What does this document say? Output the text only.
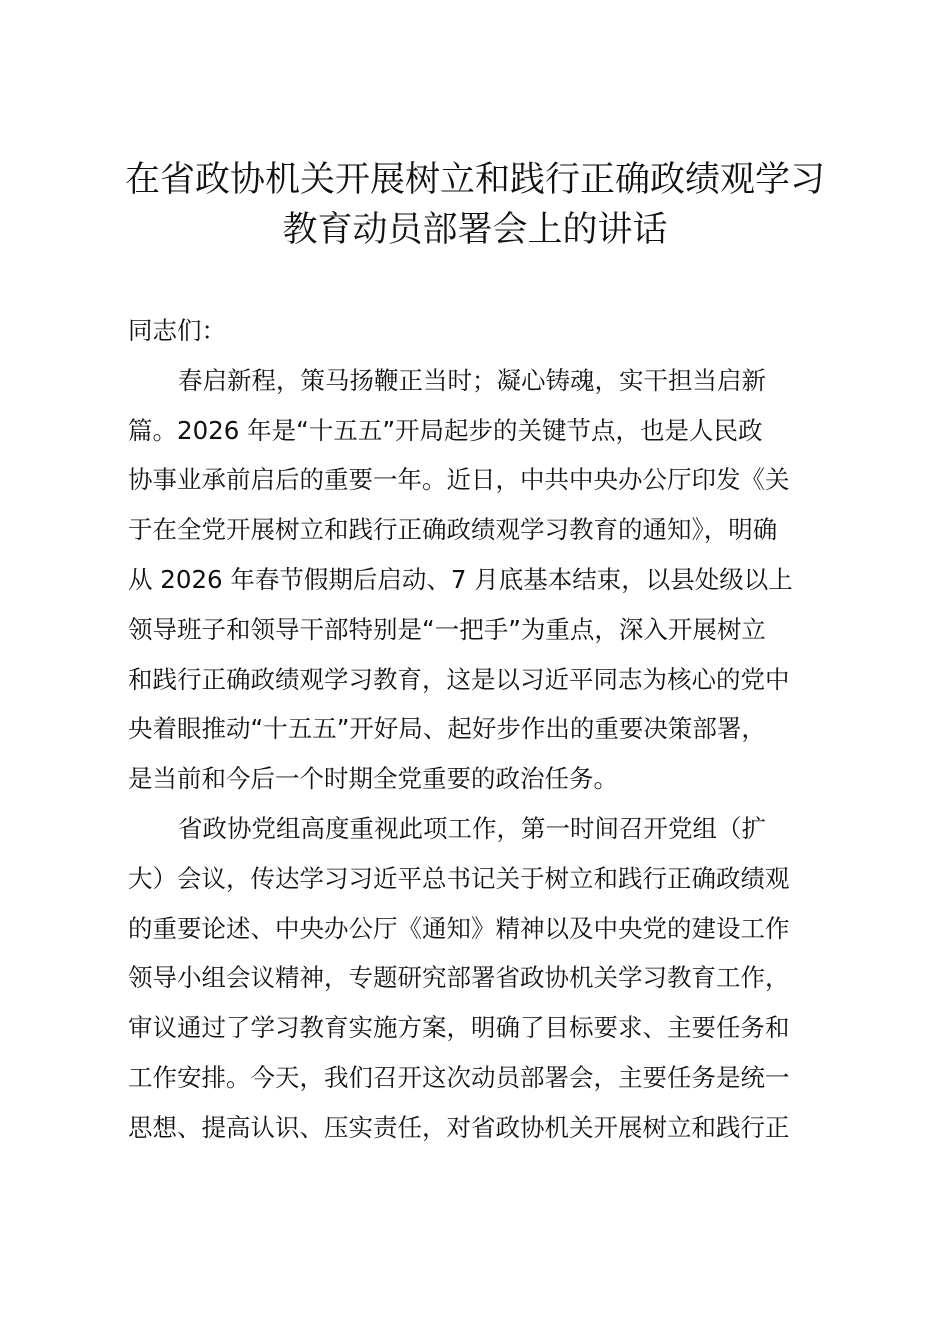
在省政协机关开展树立和践行正确政绩观学习
教育动员部署会上的讲话
同志们：
春启新程，策马扬鞭正当时；凝心铸魂，实干担当启新
篇。2026 年是“十五五”开局起步的关键节点，也是人民政
协事业承前启后的重要一年。近日，中共中央办公厅印发《关
于在全党开展树立和践行正确政绩观学习教育的通知》，明确
从 2026 年春节假期后启动、7 月底基本结束，以县处级以上
领导班子和领导干部特别是“一把手”为重点，深入开展树立
和践行正确政绩观学习教育，这是以习近平同志为核心的党中
央着眼推动“十五五”开好局、起好步作出的重要决策部署，
是当前和今后一个时期全党重要的政治任务。
省政协党组高度重视此项工作，第一时间召开党组（扩
大）会议，传达学习习近平总书记关于树立和践行正确政绩观
的重要论述、中央办公厅《通知》精神以及中央党的建设工作
领导小组会议精神，专题研究部署省政协机关学习教育工作，
审议通过了学习教育实施方案，明确了目标要求、主要任务和
工作安排。今天，我们召开这次动员部署会，主要任务是统一
思想、提高认识、压实责任，对省政协机关开展树立和践行正
